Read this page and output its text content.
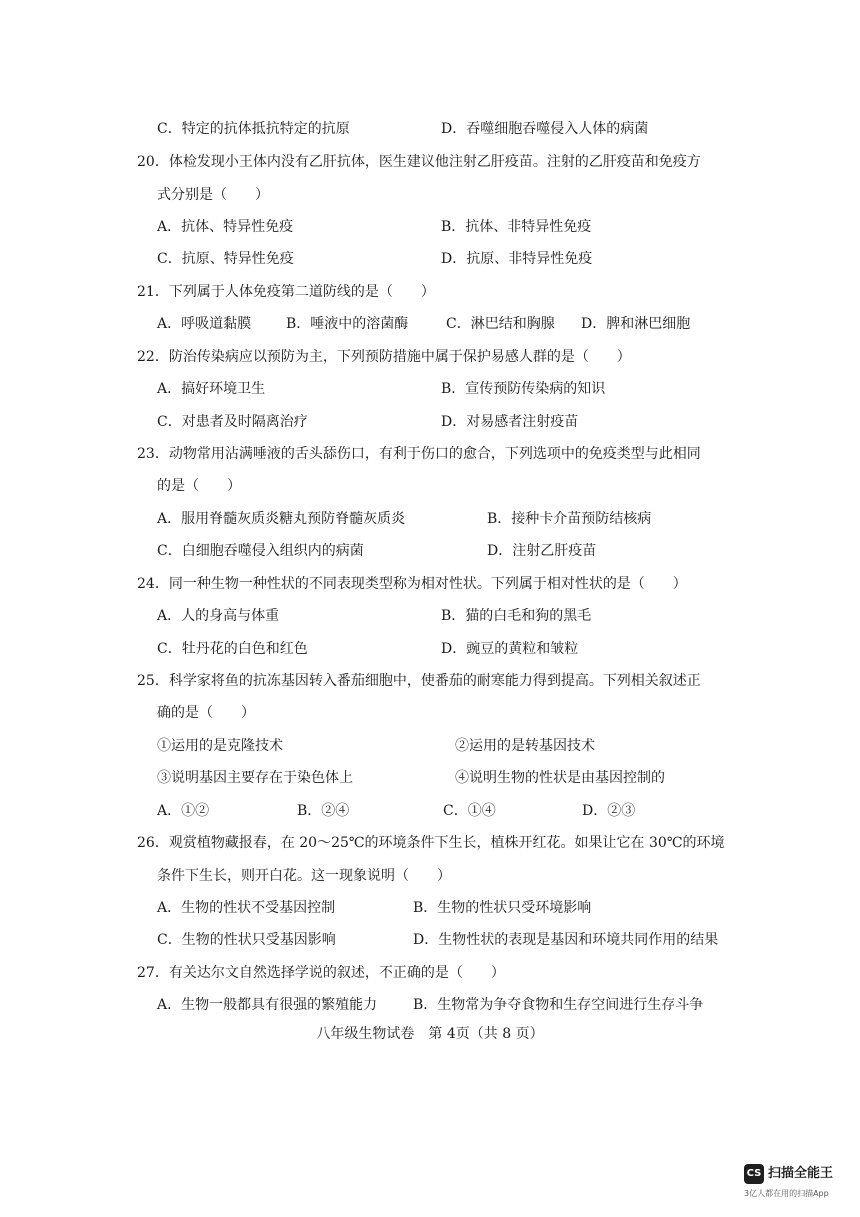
C．特定的抗体抵抗特定的抗原	D．吞噬细胞吞噬侵入人体的病菌
20．体检发现小王体内没有乙肝抗体，医生建议他注射乙肝疫苗。注射的乙肝疫苗和免疫方
式分别是（　　）
A．抗体、特异性免疫	B．抗体、非特异性免疫
C．抗原、特异性免疫	D．抗原、非特异性免疫
21．下列属于人体免疫第二道防线的是（　　）
A．呼吸道黏膜 B．唾液中的溶菌酶	C．淋巴结和胸腺 D．脾和淋巴细胞
22．防治传染病应以预防为主，下列预防措施中属于保护易感人群的是（　　）
A．搞好环境卫生	B．宣传预防传染病的知识
C．对患者及时隔离治疗	D．对易感者注射疫苗
23．动物常用沾满唾液的舌头舔伤口，有利于伤口的愈合，下列选项中的免疫类型与此相同
的是（　　）
A．服用脊髓灰质炎糖丸预防脊髓灰质炎	B．接种卡介苗预防结核病
C．白细胞吞噬侵入组织内的病菌	D．注射乙肝疫苗
24．同一种生物一种性状的不同表现类型称为相对性状。下列属于相对性状的是（　　）
A．人的身高与体重	B．猫的白毛和狗的黑毛
C．牡丹花的白色和红色	D．豌豆的黄粒和皱粒
25．科学家将鱼的抗冻基因转入番茄细胞中，使番茄的耐寒能力得到提高。下列相关叙述正
确的是（　　）
①运用的是克隆技术	②运用的是转基因技术
③说明基因主要存在于染色体上	④说明生物的性状是由基因控制的
A．①②	B．②④	C．①④	D．②③
26．观赏植物藏报春，在 20～25℃的环境条件下生长，植株开红花。如果让它在 30℃的环境
条件下生长，则开白花。这一现象说明（　　）
A．生物的性状不受基因控制	B．生物的性状只受环境影响
C．生物的性状只受基因影响	D．生物性状的表现是基因和环境共同作用的结果
27．有关达尔文自然选择学说的叙述，不正确的是（　　）
A．生物一般都具有很强的繁殖能力	B．生物常为争夺食物和生存空间进行生存斗争
八年级生物试卷　第 4页（共 8 页）
CS 扫描全能王
3亿人都在用的扫描App
